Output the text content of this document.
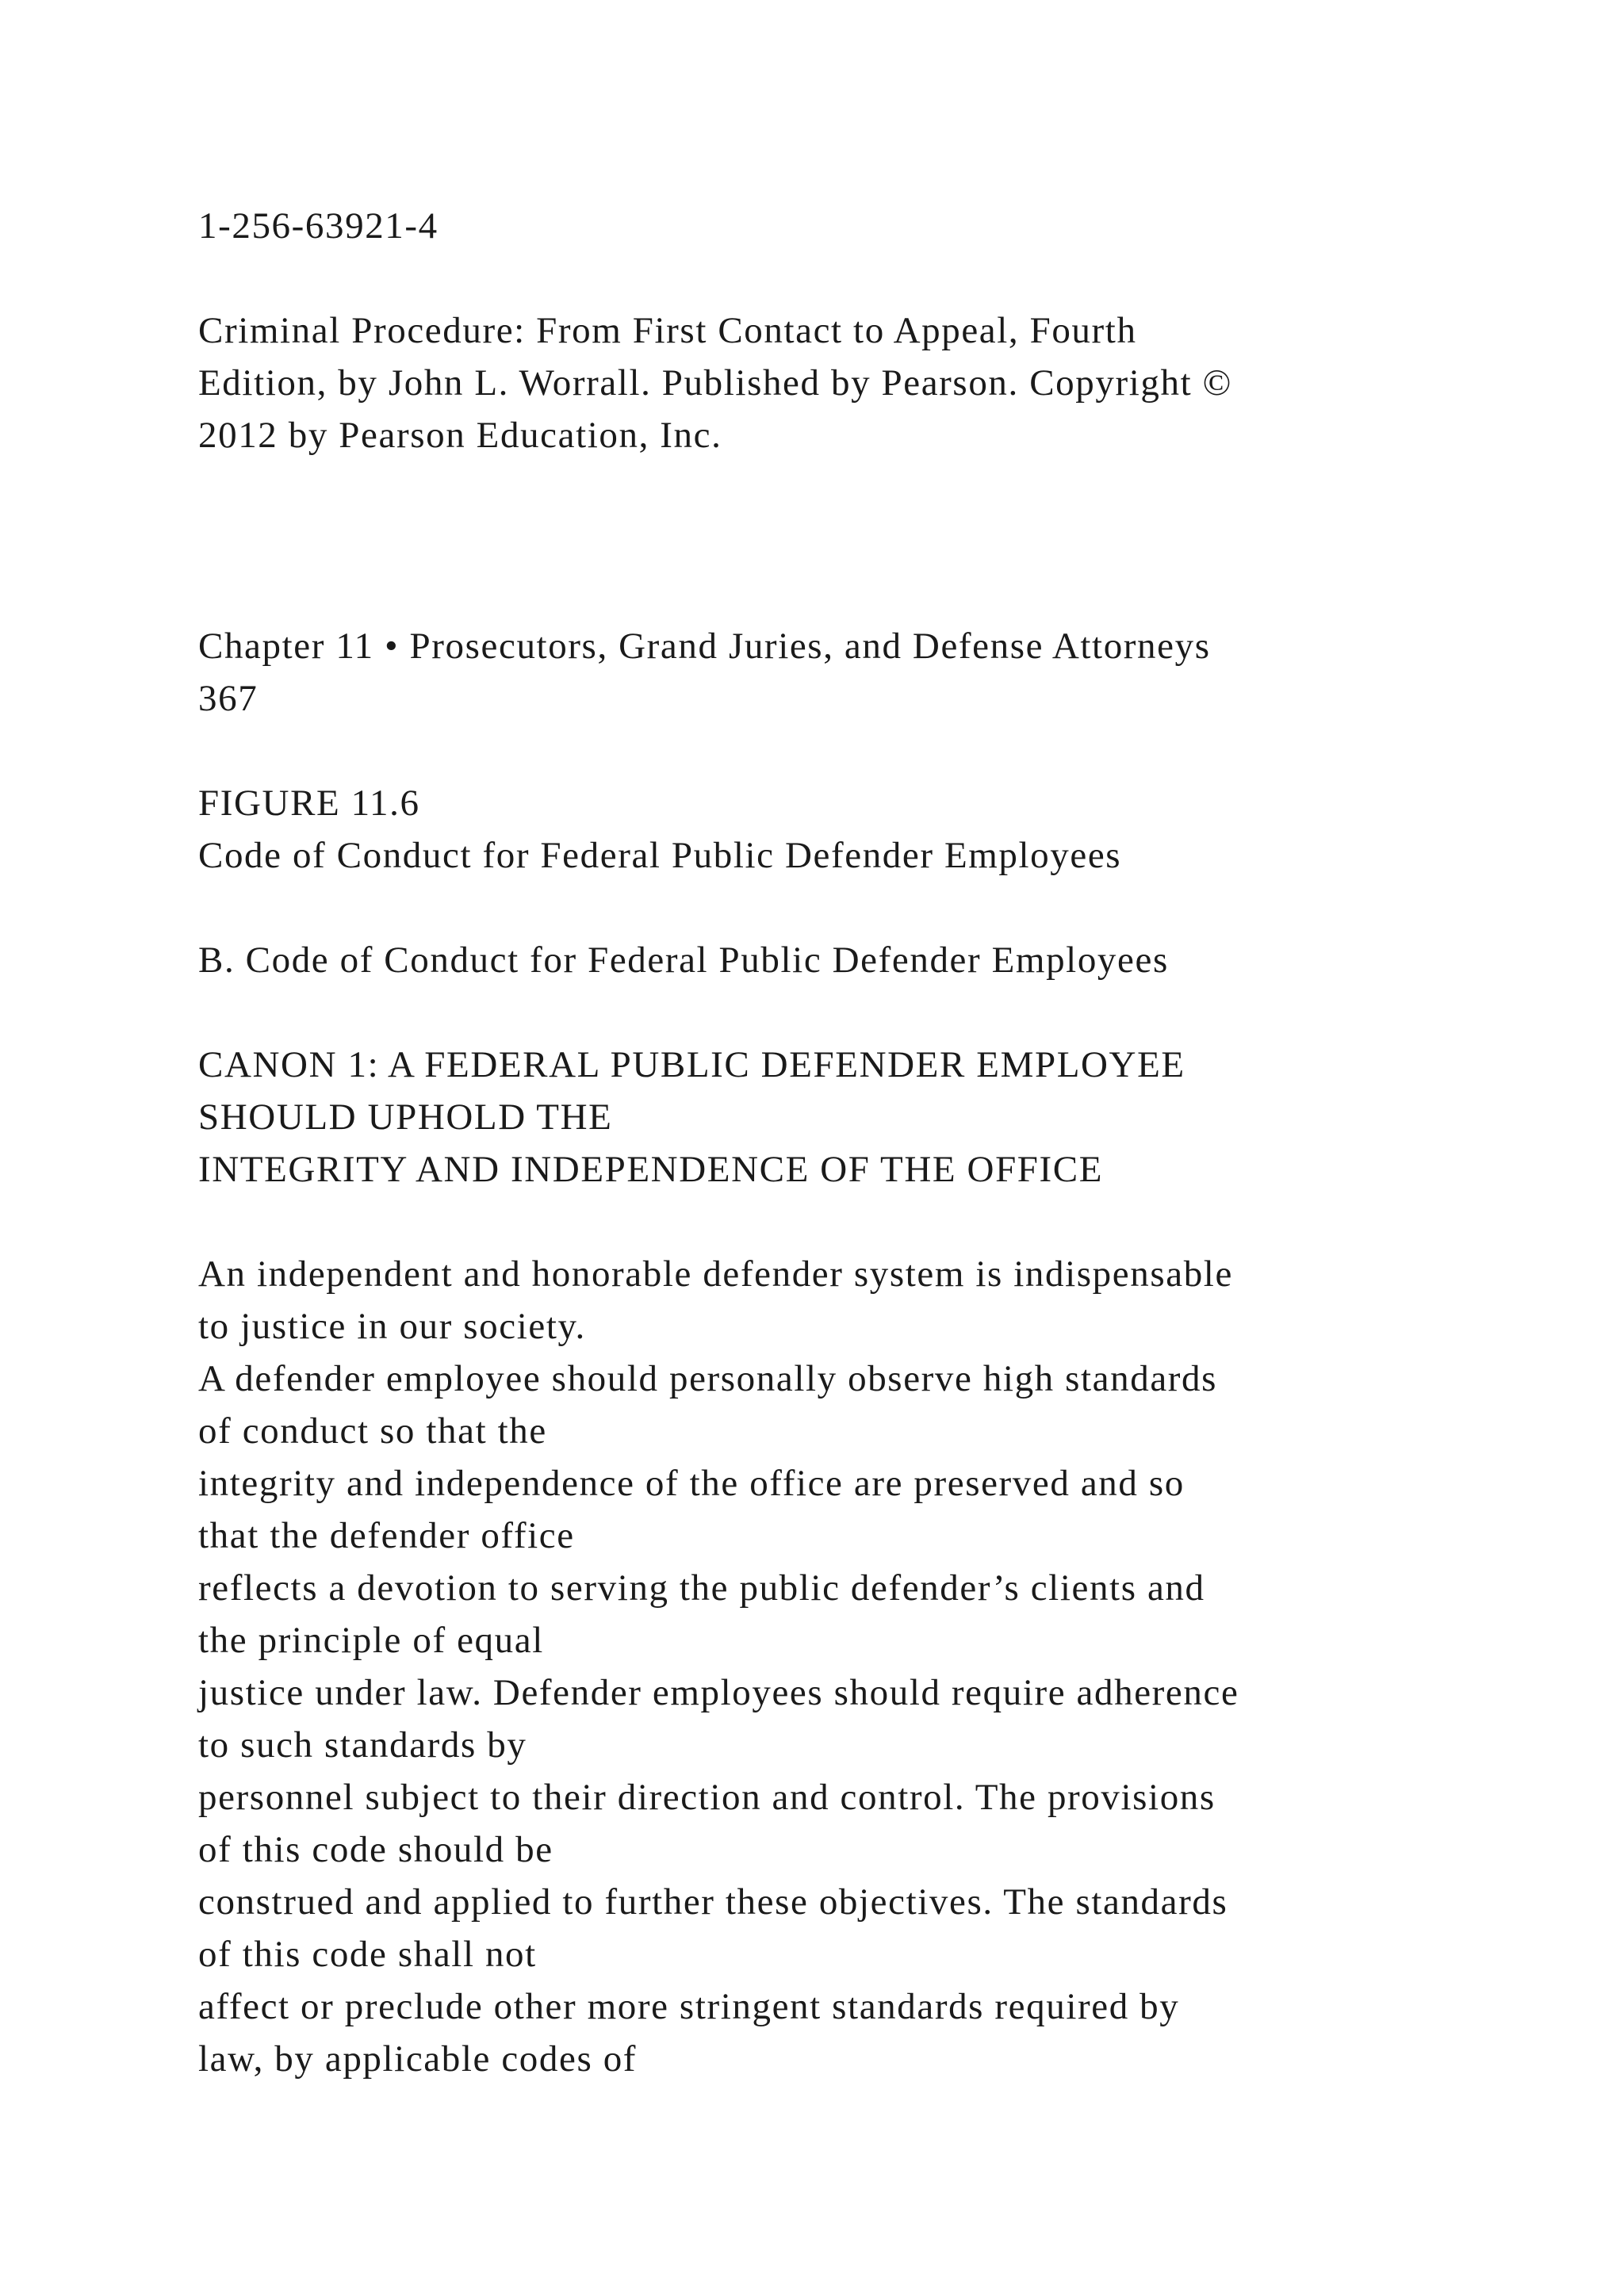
1-256-63921-4
Criminal Procedure: From First Contact to Appeal, Fourth
Edition, by John L. Worrall. Published by Pearson. Copyright ©
2012 by Pearson Education, Inc.
Chapter 11 • Prosecutors, Grand Juries, and Defense Attorneys
367
FIGURE 11.6
Code of Conduct for Federal Public Defender Employees
B. Code of Conduct for Federal Public Defender Employees
CANON 1: A FEDERAL PUBLIC DEFENDER EMPLOYEE
SHOULD UPHOLD THE
INTEGRITY AND INDEPENDENCE OF THE OFFICE
An independent and honorable defender system is indispensable
to justice in our society.
A defender employee should personally observe high standards
of conduct so that the
integrity and independence of the office are preserved and so
that the defender office
reflects a devotion to serving the public defender’s clients and
the principle of equal
justice under law. Defender employees should require adherence
to such standards by
personnel subject to their direction and control. The provisions
of this code should be
construed and applied to further these objectives. The standards
of this code shall not
affect or preclude other more stringent standards required by
law, by applicable codes of
